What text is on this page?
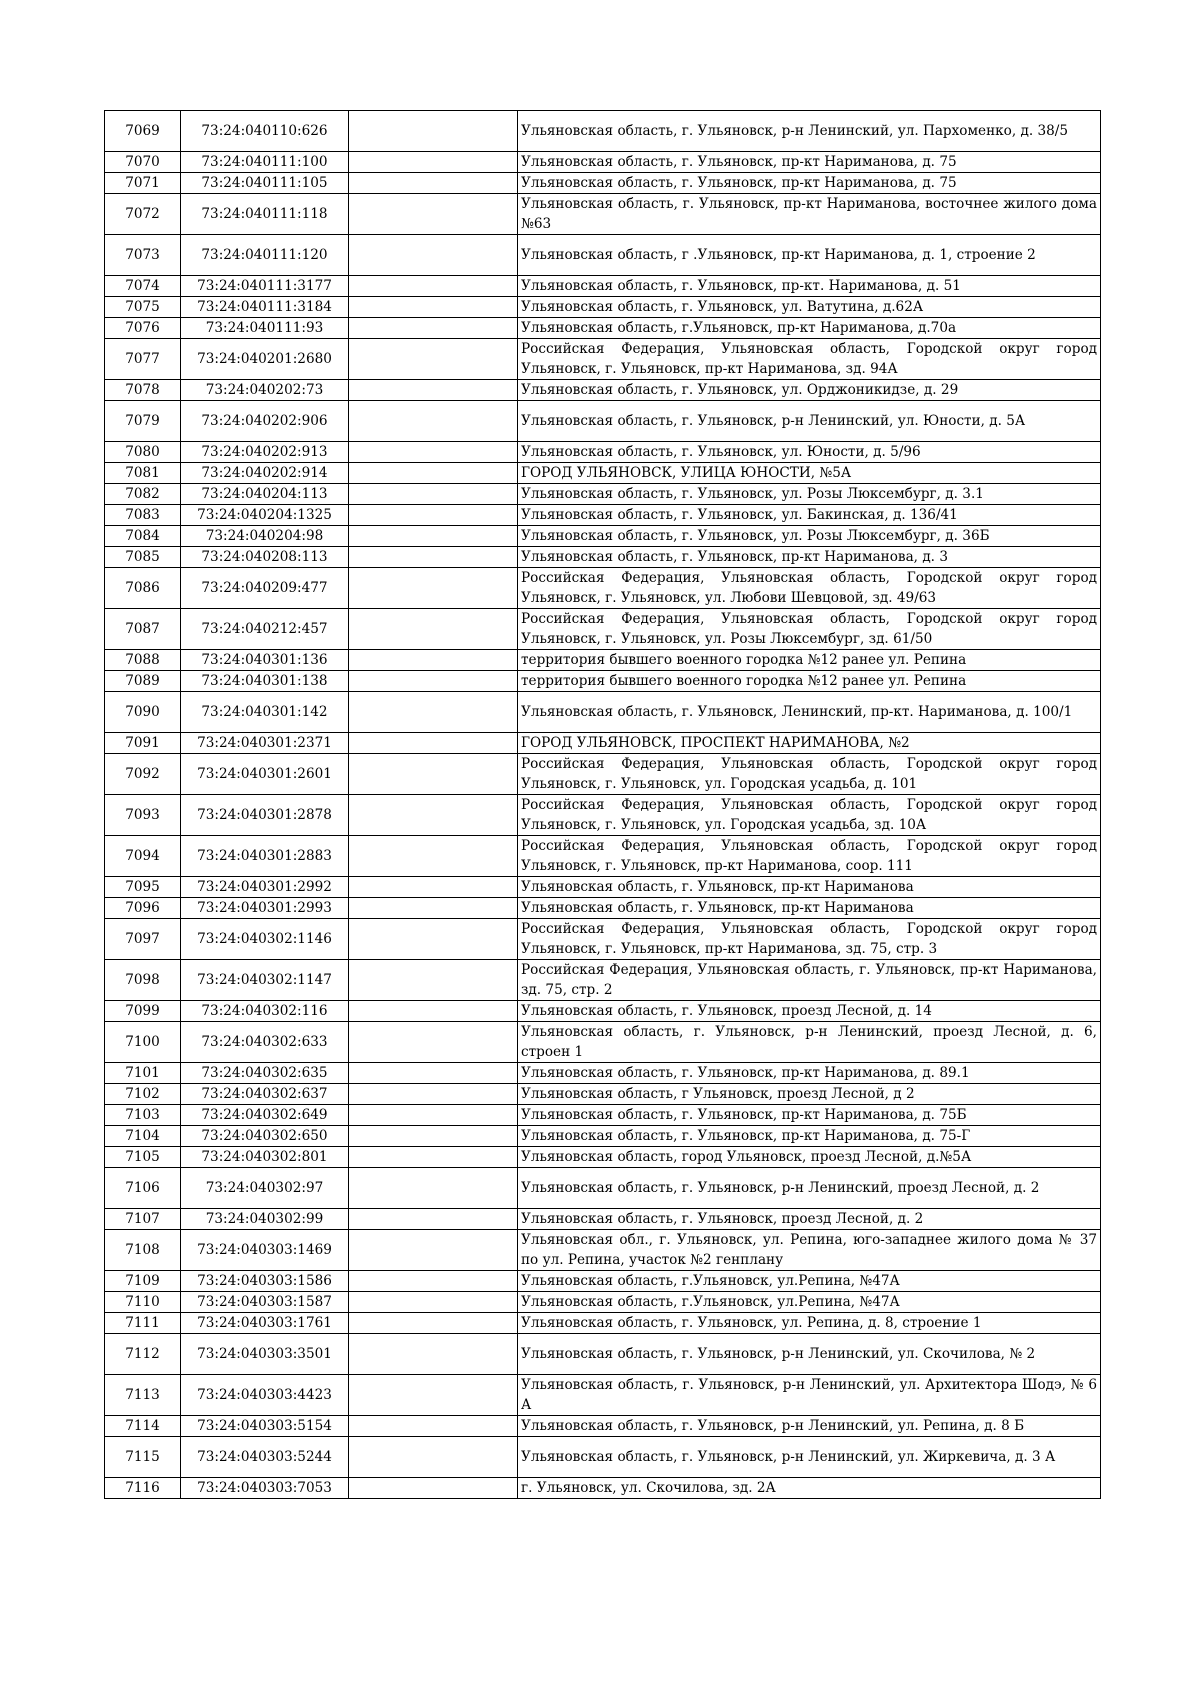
7069	73:24:040110:626		Ульяновская область, г. Ульяновск, р-н Ленинский, ул. Пархоменко, д. 38/5
7070	73:24:040111:100		Ульяновская область, г. Ульяновск, пр-кт Нариманова, д. 75
7071	73:24:040111:105		Ульяновская область, г. Ульяновск, пр-кт Нариманова, д. 75
7072	73:24:040111:118		Ульяновская область, г. Ульяновск, пр-кт Нариманова, восточнее жилого дома №63
7073	73:24:040111:120		Ульяновская область, г .Ульяновск, пр-кт Нариманова, д. 1, строение 2
7074	73:24:040111:3177		Ульяновская область, г. Ульяновск, пр-кт. Нариманова, д. 51
7075	73:24:040111:3184		Ульяновская область, г. Ульяновск, ул. Ватутина, д.62А
7076	73:24:040111:93		Ульяновская область, г.Ульяновск, пр-кт Нариманова, д.70а
7077	73:24:040201:2680		Российская Федерация, Ульяновская область, Городской округ город Ульяновск, г. Ульяновск, пр-кт Нариманова, зд. 94А
7078	73:24:040202:73		Ульяновская область, г. Ульяновск, ул. Орджоникидзе, д. 29
7079	73:24:040202:906		Ульяновская область, г. Ульяновск, р-н Ленинский, ул. Юности, д. 5А
7080	73:24:040202:913		Ульяновская область, г. Ульяновск, ул. Юности, д. 5/96
7081	73:24:040202:914		ГОРОД УЛЬЯНОВСК, УЛИЦА ЮНОСТИ, №5А
7082	73:24:040204:113		Ульяновская область, г. Ульяновск, ул. Розы Люксембург, д. 3.1
7083	73:24:040204:1325		Ульяновская область, г. Ульяновск, ул. Бакинская, д. 136/41
7084	73:24:040204:98		Ульяновская область, г. Ульяновск, ул. Розы Люксембург, д. 36Б
7085	73:24:040208:113		Ульяновская область, г. Ульяновск, пр-кт Нариманова, д. 3
7086	73:24:040209:477		Российская Федерация, Ульяновская область, Городской округ город Ульяновск, г. Ульяновск, ул. Любови Шевцовой, зд. 49/63
7087	73:24:040212:457		Российская Федерация, Ульяновская область, Городской округ город Ульяновск, г. Ульяновск, ул. Розы Люксембург, зд. 61/50
7088	73:24:040301:136		территория бывшего военного городка №12 ранее ул. Репина
7089	73:24:040301:138		территория бывшего военного городка №12 ранее ул. Репина
7090	73:24:040301:142		Ульяновская область, г. Ульяновск, Ленинский, пр-кт. Нариманова, д. 100/1
7091	73:24:040301:2371		ГОРОД УЛЬЯНОВСК, ПРОСПЕКТ НАРИМАНОВА, №2
7092	73:24:040301:2601		Российская Федерация, Ульяновская область, Городской округ город Ульяновск, г. Ульяновск, ул. Городская усадьба, д. 101
7093	73:24:040301:2878		Российская Федерация, Ульяновская область, Городской округ город Ульяновск, г. Ульяновск, ул. Городская усадьба, зд. 10А
7094	73:24:040301:2883		Российская Федерация, Ульяновская область, Городской округ город Ульяновск, г. Ульяновск, пр-кт Нариманова, соор. 111
7095	73:24:040301:2992		Ульяновская область, г. Ульяновск, пр-кт Нариманова
7096	73:24:040301:2993		Ульяновская область, г. Ульяновск, пр-кт Нариманова
7097	73:24:040302:1146		Российская Федерация, Ульяновская область, Городской округ город Ульяновск, г. Ульяновск, пр-кт Нариманова, зд. 75, стр. 3
7098	73:24:040302:1147		Российская Федерация, Ульяновская область, г. Ульяновск, пр-кт Нариманова, зд. 75, стр. 2
7099	73:24:040302:116		Ульяновская область, г. Ульяновск, проезд Лесной, д. 14
7100	73:24:040302:633		Ульяновская область, г. Ульяновск, р-н Ленинский, проезд Лесной, д. 6, строен 1
7101	73:24:040302:635		Ульяновская область, г. Ульяновск, пр-кт Нариманова, д. 89.1
7102	73:24:040302:637		Ульяновская область, г Ульяновск, проезд Лесной, д 2
7103	73:24:040302:649		Ульяновская область, г. Ульяновск, пр-кт Нариманова, д. 75Б
7104	73:24:040302:650		Ульяновская область, г. Ульяновск, пр-кт Нариманова, д. 75-Г
7105	73:24:040302:801		Ульяновская область, город Ульяновск, проезд Лесной, д.№5А
7106	73:24:040302:97		Ульяновская область, г. Ульяновск, р-н Ленинский, проезд Лесной, д. 2
7107	73:24:040302:99		Ульяновская область, г. Ульяновск, проезд Лесной, д. 2
7108	73:24:040303:1469		Ульяновская обл., г. Ульяновск, ул. Репина, юго-западнее жилого дома № 37 по ул. Репина, участок №2 генплану
7109	73:24:040303:1586		Ульяновская область, г.Ульяновск, ул.Репина, №47А
7110	73:24:040303:1587		Ульяновская область, г.Ульяновск, ул.Репина, №47А
7111	73:24:040303:1761		Ульяновская область, г. Ульяновск, ул. Репина, д. 8, строение 1
7112	73:24:040303:3501		Ульяновская область, г. Ульяновск, р-н Ленинский, ул. Скочилова, № 2
7113	73:24:040303:4423		Ульяновская область, г. Ульяновск, р-н Ленинский, ул. Архитектора Шодэ, № 6 А
7114	73:24:040303:5154		Ульяновская область, г. Ульяновск, р-н Ленинский, ул. Репина, д. 8 Б
7115	73:24:040303:5244		Ульяновская область, г. Ульяновск, р-н Ленинский, ул. Жиркевича, д. 3 А
7116	73:24:040303:7053		г. Ульяновск, ул. Скочилова, зд. 2А
